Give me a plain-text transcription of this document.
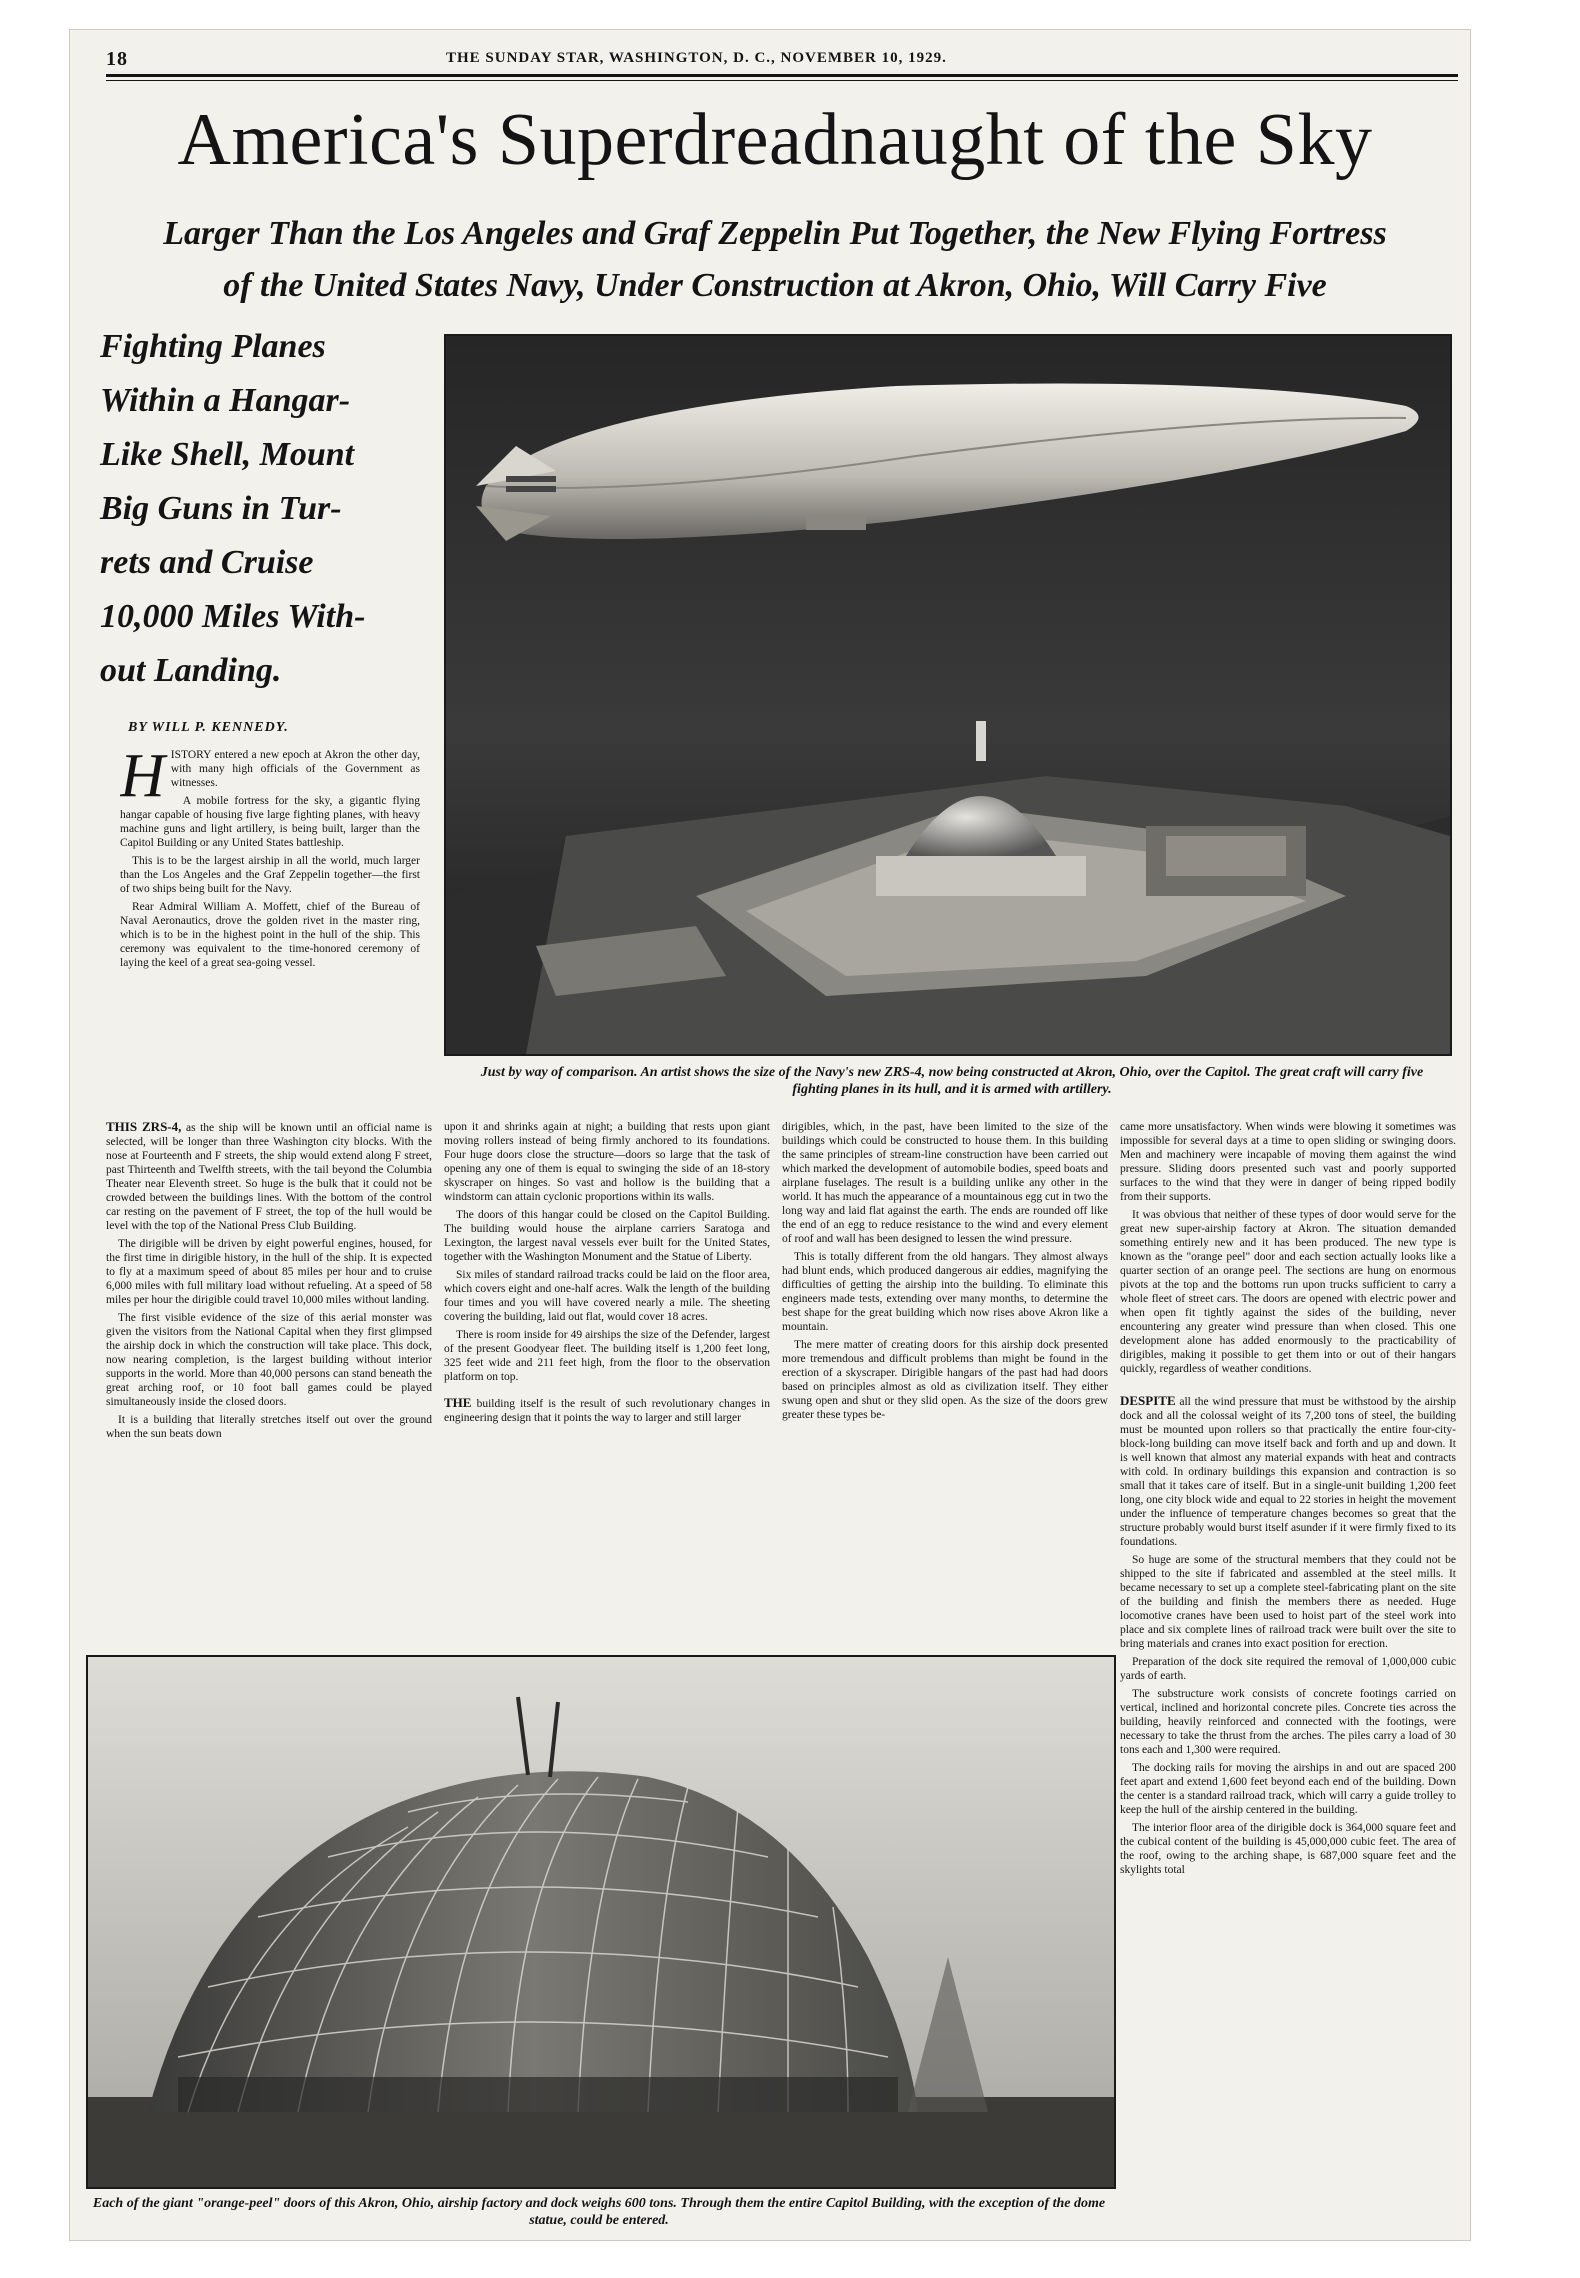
18	THE SUNDAY STAR, WASHINGTON, D. C., NOVEMBER 10, 1929.
America's Superdreadnaught of the Sky
Larger Than the Los Angeles and Graf Zeppelin Put Together, the New Flying Fortress
of the United States Navy, Under Construction at Akron, Ohio, Will Carry Five
Fighting Planes
Within a Hangar-
Like Shell, Mount
Big Guns in Tur-
rets and Cruise
10,000 Miles With-
out Landing.
BY WILL P. KENNEDY.

HISTORY entered a new epoch at Akron the other day, with many high officials of the Government as witnesses.

A mobile fortress for the sky, a gigantic flying hangar capable of housing five large fighting planes, with heavy machine guns and light artillery, is being built, larger than the Capitol Building or any United States battleship.

This is to be the largest airship in all the world, much larger than the Los Angeles and the Graf Zeppelin together—the first of two ships being built for the Navy.

Rear Admiral William A. Moffett, chief of the Bureau of Naval Aeronautics, drove the golden rivet in the master ring, which is to be in the highest point in the hull of the ship. This ceremony was equivalent to the time-honored ceremony of laying the keel of a great sea-going vessel.

Just by way of comparison. An artist shows the size of the Navy's new ZRS-4, now being constructed at Akron, Ohio, over the Capitol. The great craft will carry five fighting planes in its hull, and it is armed with artillery.

THIS ZRS-4, as the ship will be known until an official name is selected, will be longer than three Washington city blocks. With the nose at Fourteenth and F streets, the ship would extend along F street, past Thirteenth and Twelfth streets, with the tail beyond the Columbia Theater near Eleventh street. So huge is the bulk that it could not be crowded between the buildings lines. With the bottom of the control car resting on the pavement of F street, the top of the hull would be level with the top of the National Press Club Building.

The dirigible will be driven by eight powerful engines, housed, for the first time in dirigible history, in the hull of the ship. It is expected to fly at a maximum speed of about 85 miles per hour and to cruise 6,000 miles with full military load without refueling. At a speed of 58 miles per hour the dirigible could travel 10,000 miles without landing.

The first visible evidence of the size of this aerial monster was given the visitors from the National Capital when they first glimpsed the airship dock in which the construction will take place. This dock, now nearing completion, is the largest building without interior supports in the world. More than 40,000 persons can stand beneath the great arching roof, or 10 foot ball games could be played simultaneously inside the closed doors.

It is a building that literally stretches itself out over the ground when the sun beats down

upon it and shrinks again at night; a building that rests upon giant moving rollers instead of being firmly anchored to its foundations. Four huge doors close the structure—doors so large that the task of opening any one of them is equal to swinging the side of an 18-story skyscraper on hinges. So vast and hollow is the building that a windstorm can attain cyclonic proportions within its walls.

The doors of this hangar could be closed on the Capitol Building. The building would house the airplane carriers Saratoga and Lexington, the largest naval vessels ever built for the United States, together with the Washington Monument and the Statue of Liberty.

Six miles of standard railroad tracks could be laid on the floor area, which covers eight and one-half acres. Walk the length of the building four times and you will have covered nearly a mile. The sheeting covering the building, laid out flat, would cover 18 acres.

There is room inside for 49 airships the size of the Defender, largest of the present Goodyear fleet. The building itself is 1,200 feet long, 325 feet wide and 211 feet high, from the floor to the observation platform on top.

THE building itself is the result of such revolutionary changes in engineering design that it points the way to larger and still larger

dirigibles, which, in the past, have been limited to the size of the buildings which could be constructed to house them. In this building the same principles of stream-line construction have been carried out which marked the development of automobile bodies, speed boats and airplane fuselages. The result is a building unlike any other in the world. It has much the appearance of a mountainous egg cut in two the long way and laid flat against the earth. The ends are rounded off like the end of an egg to reduce resistance to the wind and every element of roof and wall has been designed to lessen the wind pressure.

This is totally different from the old hangars. They almost always had blunt ends, which produced dangerous air eddies, magnifying the difficulties of getting the airship into the building. To eliminate this engineers made tests, extending over many months, to determine the best shape for the great building which now rises above Akron like a mountain.

The mere matter of creating doors for this airship dock presented more tremendous and difficult problems than might be found in the erection of a skyscraper. Dirigible hangars of the past had had doors based on principles almost as old as civilization itself. They either swung open and shut or they slid open. As the size of the doors grew greater these types be-

came more unsatisfactory. When winds were blowing it sometimes was impossible for several days at a time to open sliding or swinging doors. Men and machinery were incapable of moving them against the wind pressure. Sliding doors presented such vast and poorly supported surfaces to the wind that they were in danger of being ripped bodily from their supports.

It was obvious that neither of these types of door would serve for the great new super-airship factory at Akron. The situation demanded something entirely new and it has been produced. The new type is known as the "orange peel" door and each section actually looks like a quarter section of an orange peel. The sections are hung on enormous pivots at the top and the bottoms run upon trucks sufficient to carry a whole fleet of street cars. The doors are opened with electric power and when open fit tightly against the sides of the building, never encountering any greater wind pressure than when closed. This one development alone has added enormously to the practicability of dirigibles, making it possible to get them into or out of their hangars quickly, regardless of weather conditions.

DESPITE all the wind pressure that must be withstood by the airship dock and all the colossal weight of its 7,200 tons of steel, the building must be mounted upon rollers so that practically the entire four-city-block-long building can move itself back and forth and up and down. It is well known that almost any material expands with heat and contracts with cold. In ordinary buildings this expansion and contraction is so small that it takes care of itself. But in a single-unit building 1,200 feet long, one city block wide and equal to 22 stories in height the movement under the influence of temperature changes becomes so great that the structure probably would burst itself asunder if it were firmly fixed to its foundations.

So huge are some of the structural members that they could not be shipped to the site if fabricated and assembled at the steel mills. It became necessary to set up a complete steel-fabricating plant on the site of the building and finish the members there as needed. Huge locomotive cranes have been used to hoist part of the steel work into place and six complete lines of railroad track were built over the site to bring materials and cranes into exact position for erection.

Preparation of the dock site required the removal of 1,000,000 cubic yards of earth.

The substructure work consists of concrete footings carried on vertical, inclined and horizontal concrete piles. Concrete ties across the building, heavily reinforced and connected with the footings, were necessary to take the thrust from the arches. The piles carry a load of 30 tons each and 1,300 were required.

The docking rails for moving the airships in and out are spaced 200 feet apart and extend 1,600 feet beyond each end of the building. Down the center is a standard railroad track, which will carry a guide trolley to keep the hull of the airship centered in the building.

The interior floor area of the dirigible dock is 364,000 square feet and the cubical content of the building is 45,000,000 cubic feet. The area of the roof, owing to the arching shape, is 687,000 square feet and the skylights total

Each of the giant "orange-peel" doors of this Akron, Ohio, airship factory and dock weighs 600 tons. Through them the entire Capitol Building, with the exception of the dome statue, could be entered.
